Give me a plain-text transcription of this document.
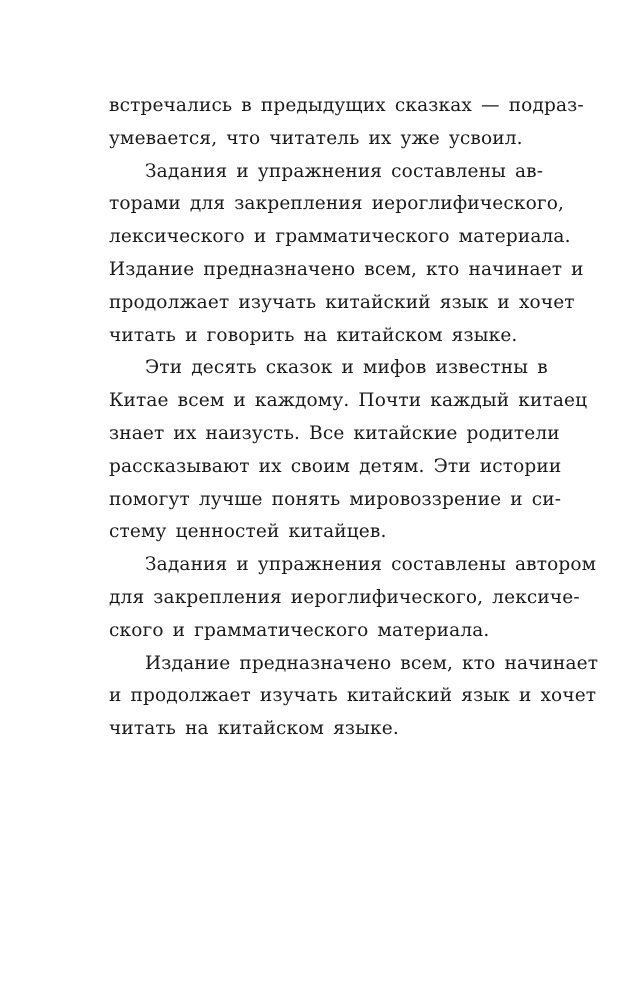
встречались в предыдущих сказках — подраз-
умевается, что читатель их уже усвоил.
Задания и упражнения составлены ав-
торами для закрепления иероглифического,
лексического и грамматического материала.
Издание предназначено всем, кто начинает и
продолжает изучать китайский язык и хочет
читать и говорить на китайском языке.
Эти десять сказок и мифов известны в
Китае всем и каждому. Почти каждый китаец
знает их наизусть. Все китайские родители
рассказывают их своим детям. Эти истории
помогут лучше понять мировоззрение и си-
стему ценностей китайцев.
Задания и упражнения составлены автором
для закрепления иероглифического, лексиче-
ского и грамматического материала.
Издание предназначено всем, кто начинает
и продолжает изучать китайский язык и хочет
читать на китайском языке.
